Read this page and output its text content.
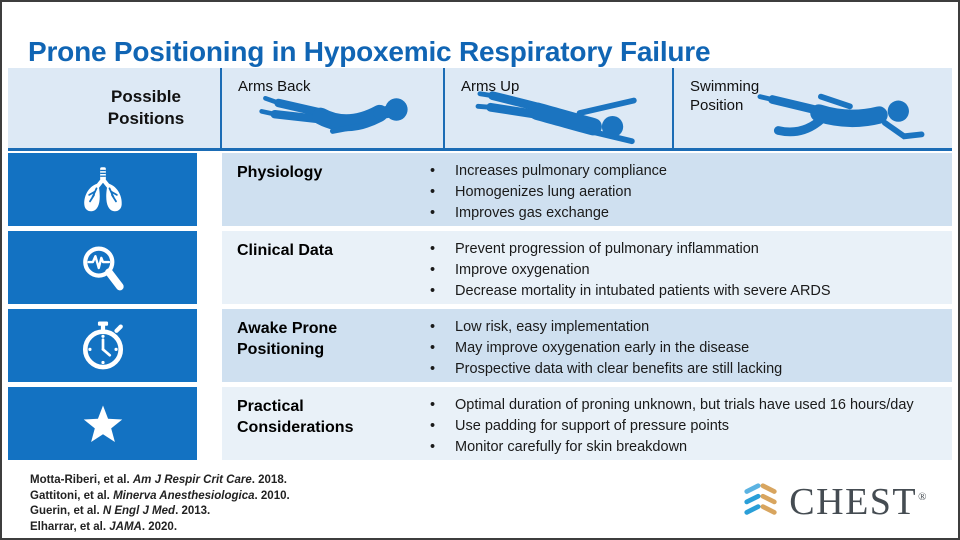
Prone Positioning in Hypoxemic Respiratory Failure
Possible Positions
Arms Back	Arms Up	Swimming Position
Physiology	• Increases pulmonary compliance
• Homogenizes lung aeration
• Improves gas exchange
Clinical Data	• Prevent progression of pulmonary inflammation
• Improve oxygenation
• Decrease mortality in intubated patients with severe ARDS
Awake Prone Positioning
• Low risk, easy implementation
• May improve oxygenation early in the disease
• Prospective data with clear benefits are still lacking
Practical Considerations
• Optimal duration of proning unknown, but trials have used 16 hours/day
• Use padding for support of pressure points
• Monitor carefully for skin breakdown
Motta-Riberi, et al. Am J Respir Crit Care. 2018.
Gattitoni, et al. Minerva Anesthesiologica. 2010.
Guerin, et al. N Engl J Med. 2013.
Elharrar, et al. JAMA. 2020.
CHEST®
